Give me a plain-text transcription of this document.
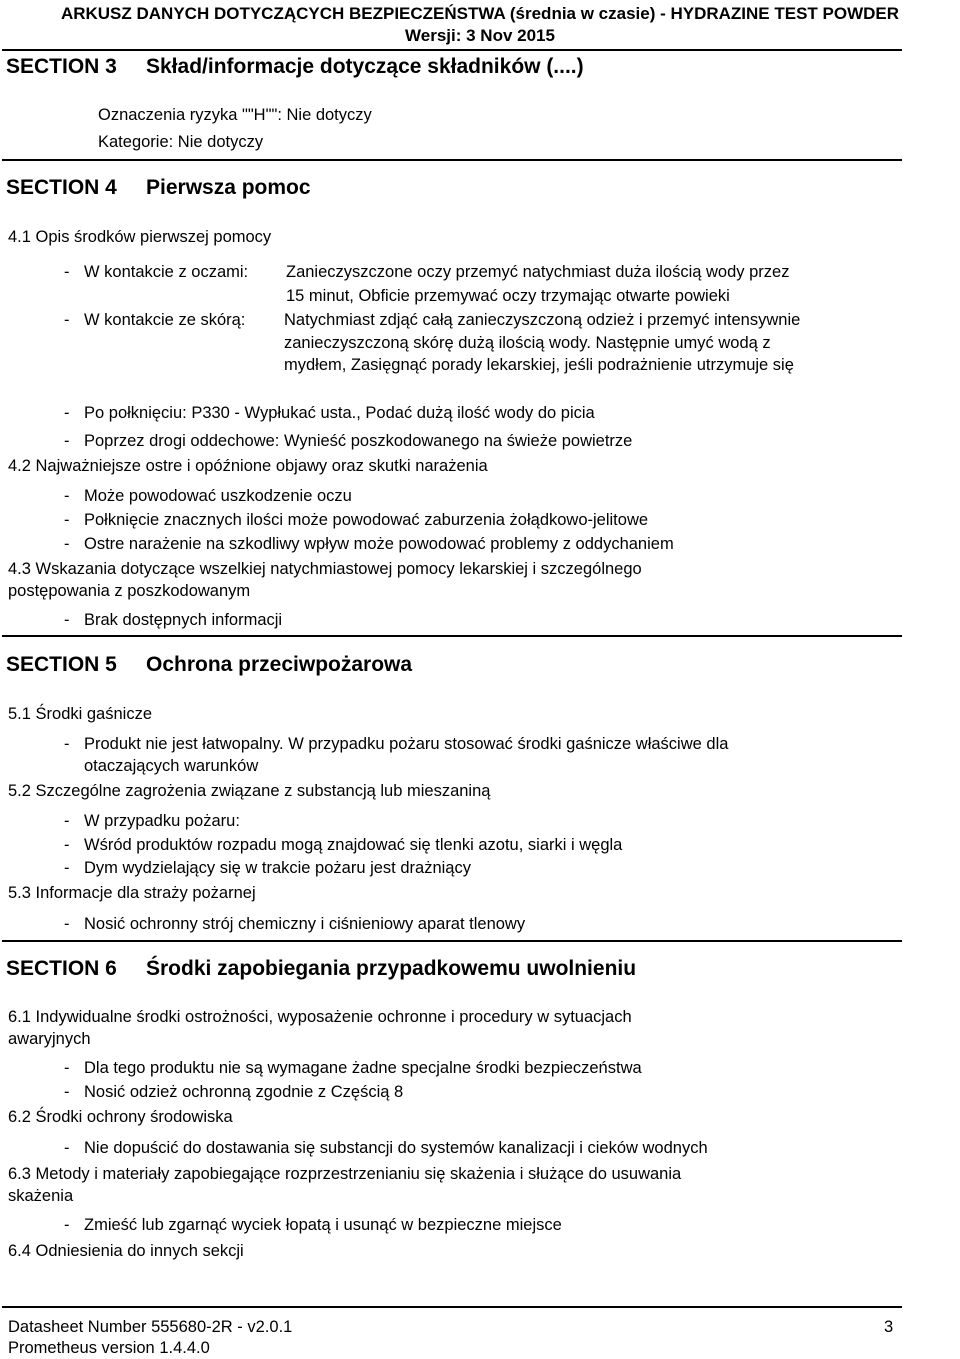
ARKUSZ DANYCH DOTYCZĄCYCH BEZPIECZEŃSTWA (średnia w czasie) - HYDRAZINE TEST POWDER
Wersji: 3 Nov 2015
SECTION 3 Skład/informacje dotyczące składników (....)
Oznaczenia ryzyka ""H"": Nie dotyczy
Kategorie: Nie dotyczy
SECTION 4 Pierwsza pomoc
4.1 Opis środków pierwszej pomocy
- W kontakcie z oczami: Zanieczyszczone oczy przemyć natychmiast duża ilością wody przez
15 minut, Obficie przemywać oczy trzymając otwarte powieki
- W kontakcie ze skórą: Natychmiast zdjąć całą zanieczyszczoną odzież i przemyć intensywnie
zanieczyszczoną skórę dużą ilością wody. Następnie umyć wodą z
mydłem, Zasięgnąć porady lekarskiej, jeśli podrażnienie utrzymuje się
- Po połknięciu: P330 - Wypłukać usta., Podać dużą ilość wody do picia
- Poprzez drogi oddechowe: Wynieść poszkodowanego na świeże powietrze
4.2 Najważniejsze ostre i opóźnione objawy oraz skutki narażenia
- Może powodować uszkodzenie oczu
- Połknięcie znacznych ilości może powodować zaburzenia żołądkowo-jelitowe
- Ostre narażenie na szkodliwy wpływ może powodować problemy z oddychaniem
4.3 Wskazania dotyczące wszelkiej natychmiastowej pomocy lekarskiej i szczególnego
postępowania z poszkodowanym
- Brak dostępnych informacji
SECTION 5 Ochrona przeciwpożarowa
5.1 Środki gaśnicze
- Produkt nie jest łatwopalny. W przypadku pożaru stosować środki gaśnicze właściwe dla
otaczających warunków
5.2 Szczególne zagrożenia związane z substancją lub mieszaniną
- W przypadku pożaru:
- Wśród produktów rozpadu mogą znajdować się tlenki azotu, siarki i węgla
- Dym wydzielający się w trakcie pożaru jest drażniący
5.3 Informacje dla straży pożarnej
- Nosić ochronny strój chemiczny i ciśnieniowy aparat tlenowy
SECTION 6 Środki zapobiegania przypadkowemu uwolnieniu
6.1 Indywidualne środki ostrożności, wyposażenie ochronne i procedury w sytuacjach
awaryjnych
- Dla tego produktu nie są wymagane żadne specjalne środki bezpieczeństwa
- Nosić odzież ochronną zgodnie z Częścią 8
6.2 Środki ochrony środowiska
- Nie dopuścić do dostawania się substancji do systemów kanalizacji i cieków wodnych
6.3 Metody i materiały zapobiegające rozprzestrzenianiu się skażenia i służące do usuwania
skażenia
- Zmieść lub zgarnąć wyciek łopatą i usunąć w bezpieczne miejsce
6.4 Odniesienia do innych sekcji
Datasheet Number 555680-2R - v2.0.1	3
Prometheus version 1.4.4.0
